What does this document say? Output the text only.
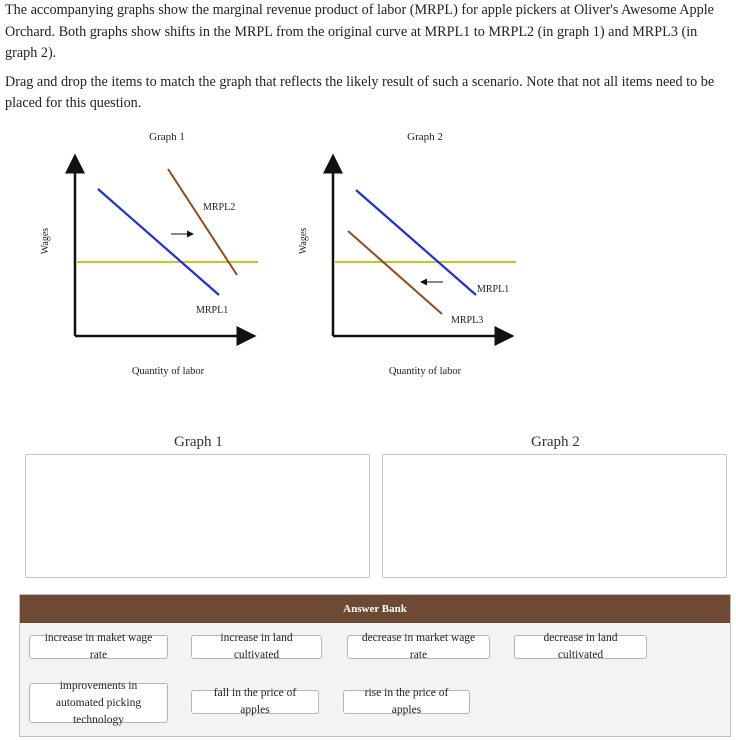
The accompanying graphs show the marginal revenue product of labor (MRPL) for apple pickers at Oliver's Awesome Apple Orchard. Both graphs show shifts in the MRPL from the original curve at MRPL1 to MRPL2 (in graph 1) and MRPL3 (in graph 2).

Drag and drop the items to match the graph that reflects the likely result of such a scenario. Note that not all items need to be placed for this question.

Graph 1
Wages
MRPL2
MRPL1
Quantity of labor
Graph 2
Wages
MRPL1
MRPL3
Quantity of labor
Graph 1	Graph 2
Answer Bank
increase in maket wage rate
increase in land cultivated
decrease in market wage rate
decrease in land cultivated
improvements in automated picking technology
fall in the price of apples
rise in the price of apples
